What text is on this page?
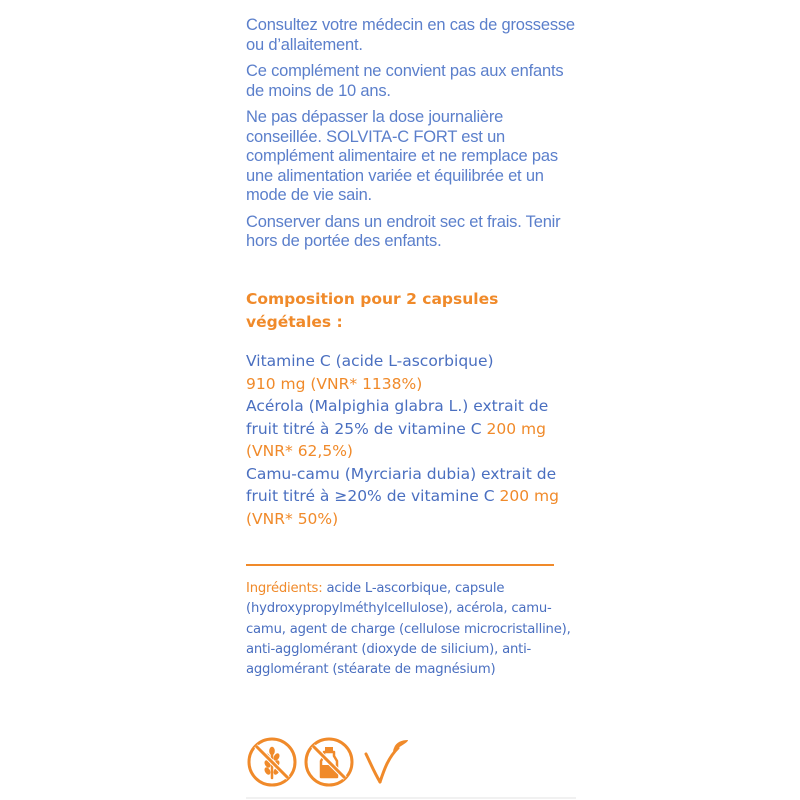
Consultez votre médecin en cas de grossesse ou d’allaitement.

Ce complément ne convient pas aux enfants de moins de 10 ans.

Ne pas dépasser la dose journalière conseillée. SOLVITA-C FORT est un complément alimentaire et ne remplace pas une alimentation variée et équilibrée et un mode de vie sain.

Conserver dans un endroit sec et frais. Tenir hors de portée des enfants.

Composition pour 2 capsules végétales :
Vitamine C (acide L-ascorbique)
910 mg (VNR* 1138%)
Acérola (Malpighia glabra L.) extrait de fruit titré à 25% de vitamine C 200 mg (VNR* 62,5%)
Camu-camu (Myrciaria dubia) extrait de fruit titré à ≥20% de vitamine C 200 mg (VNR* 50%)

Ingrédients: acide L-ascorbique, capsule (hydroxypropylméthylcellulose), acérola, camu-camu, agent de charge (cellulose microcristalline), anti-agglomérant (dioxyde de silicium), anti-agglomérant (stéarate de magnésium)
